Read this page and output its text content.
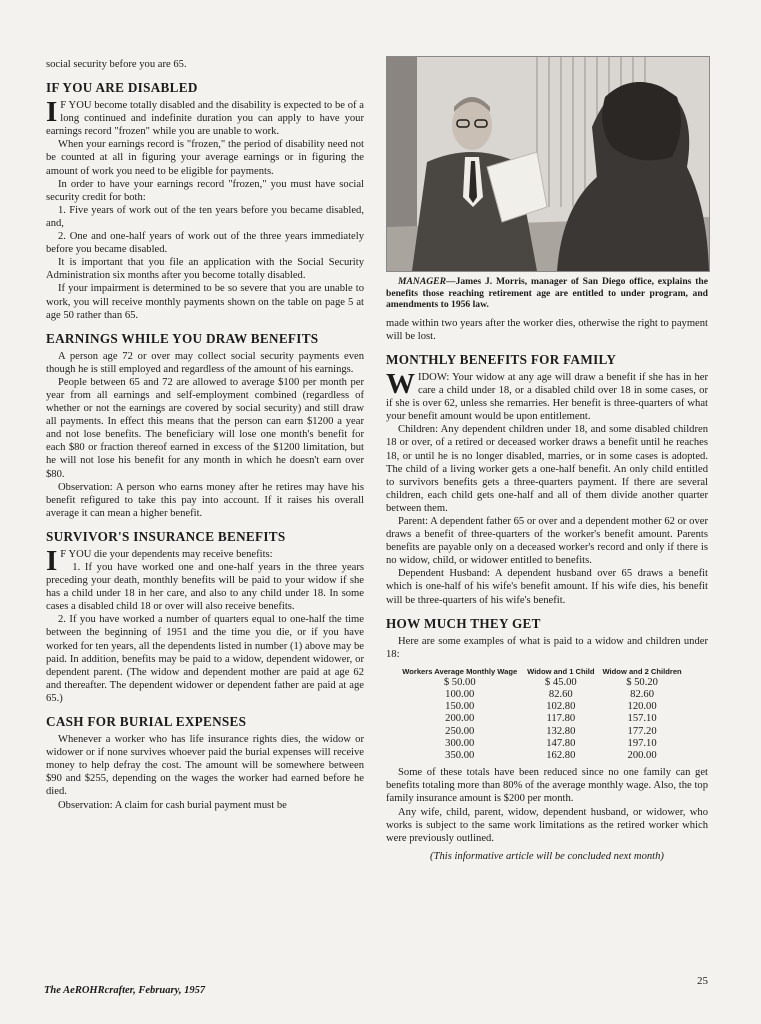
social security before you are 65.

IF YOU ARE DISABLED

I F YOU become totally disabled and the disability is expected to be of a long continued and indefinite duration you can apply to have your earnings record "frozen" while you are unable to work.

When your earnings record is "frozen," the period of disability need not be counted at all in figuring your average earnings or in figuring the amount of work you need to be eligible for payments.

In order to have your earnings record "frozen," you must have social security credit for both:

1. Five years of work out of the ten years before you became disabled, and,

2. One and one-half years of work out of the three years immediately before you became disabled.

It is important that you file an application with the Social Security Administration six months after you become totally disabled.

If your impairment is determined to be so severe that you are unable to work, you will receive monthly payments shown on the table on page 5 at age 50 rather than 65.

EARNINGS WHILE YOU DRAW BENEFITS

A person age 72 or over may collect social security payments even though he is still employed and regardless of the amount of his earnings.

People between 65 and 72 are allowed to average $100 per month per year from all earnings and self-employment combined (regardless of whether or not the earnings are covered by social security) and still draw all payments. In effect this means that the person can earn $1200 a year and not lose benefits. The beneficiary will lose one month's benefit for each $80 or fraction thereof earned in excess of the $1200 limitation, but he will not lose his benefit for any month in which he doesn't earn over $80.

Observation: A person who earns money after he retires may have his benefit refigured to take this pay into account. If it raises his overall average it can mean a higher benefit.

SURVIVOR'S INSURANCE BENEFITS

I F YOU die your dependents may receive benefits:

1. If you have worked one and one-half years in the three years preceding your death, monthly benefits will be paid to your widow if she has a child under 18 in her care, and also to any child under 18. In some cases a disabled child 18 or over will also receive benefits.

2. If you have worked a number of quarters equal to one-half the time between the beginning of 1951 and the time you die, or if you have worked for ten years, all the dependents listed in number (1) above may be paid. In addition, benefits may be paid to a widow, dependent widower, or dependent parent. (The widow and dependent mother are paid at age 62 and thereafter. The dependent widower or dependent father are paid at age 65.)

CASH FOR BURIAL EXPENSES

Whenever a worker who has life insurance rights dies, the widow or widower or if none survives whoever paid the burial expenses will receive money to help defray the cost. The amount will be somewhere between $90 and $255, depending on the wages the worker had earned before he died.

Observation: A claim for cash burial payment must be

MANAGER—James J. Morris, manager of San Diego office, explains the benefits those reaching retirement age are entitled to under program, and amendments to 1956 law.

made within two years after the worker dies, otherwise the right to payment will be lost.

MONTHLY BENEFITS FOR FAMILY

WIDOW: Your widow at any age will draw a benefit if she has in her care a child under 18, or a disabled child over 18 in some cases, or if she is over 62, unless she remarries. Her benefit is three-quarters of what your benefit amount would be upon entitlement.

Children: Any dependent children under 18, and some disabled children 18 or over, of a retired or deceased worker draws a benefit until he reaches 18, or until he is no longer disabled, marries, or in some cases is adopted. The child of a living worker gets a one-half benefit. An only child entitled to survivors benefits gets a three-quarters payment. If there are several children, each child gets one-half and all of them divide another quarter between them.

Parent: A dependent father 65 or over and a dependent mother 62 or over draws a benefit of three-quarters of the worker's benefit amount. Parents benefits are payable only on a deceased worker's record and only if there is no widow, child, or widower entitled to benefits.

Dependent Husband: A dependent husband over 65 draws a benefit which is one-half of his wife's benefit amount. If his wife dies, his benefit will be three-quarters of his wife's benefit.

HOW MUCH THEY GET

Here are some examples of what is paid to a widow and children under 18:

Workers Average Monthly Wage	Widow and 1 Child	Widow and 2 Children
$ 50.00	$ 45.00	$ 50.20
100.00	82.60	82.60
150.00	102.80	120.00
200.00	117.80	157.10
250.00	132.80	177.20
300.00	147.80	197.10
350.00	162.80	200.00

Some of these totals have been reduced since no one family can get benefits totaling more than 80% of the average monthly wage. Also, the top family insurance amount is $200 per month.

Any wife, child, parent, widow, dependent husband, or widower, who works is subject to the same work limitations as the retired worker which were previously outlined.

(This informative article will be concluded next month)

The AeROHRcrafter, February, 1957
25
